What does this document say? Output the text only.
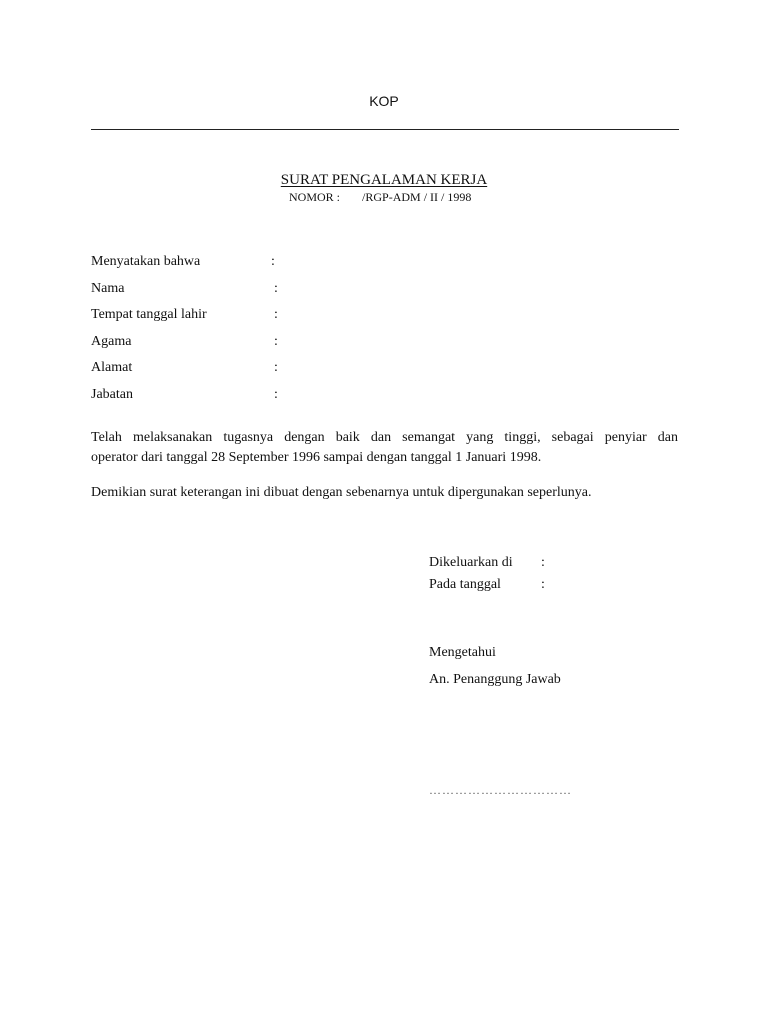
KOP
SURAT PENGALAMAN KERJA
NOMOR : /RGP-ADM / II / 1998
Menyatakan bahwa	:
Nama	:
Tempat tanggal lahir	:
Agama	:
Alamat	:
Jabatan	:
Telah melaksanakan tugasnya dengan baik dan semangat yang tinggi, sebagai penyiar dan
operator dari tanggal 28 September 1996 sampai dengan tanggal 1 Januari 1998.
Demikian surat keterangan ini dibuat dengan sebenarnya untuk dipergunakan seperlunya.
Dikeluarkan di :
Pada tanggal	:
Mengetahui
An. Penanggung Jawab
……………………………
